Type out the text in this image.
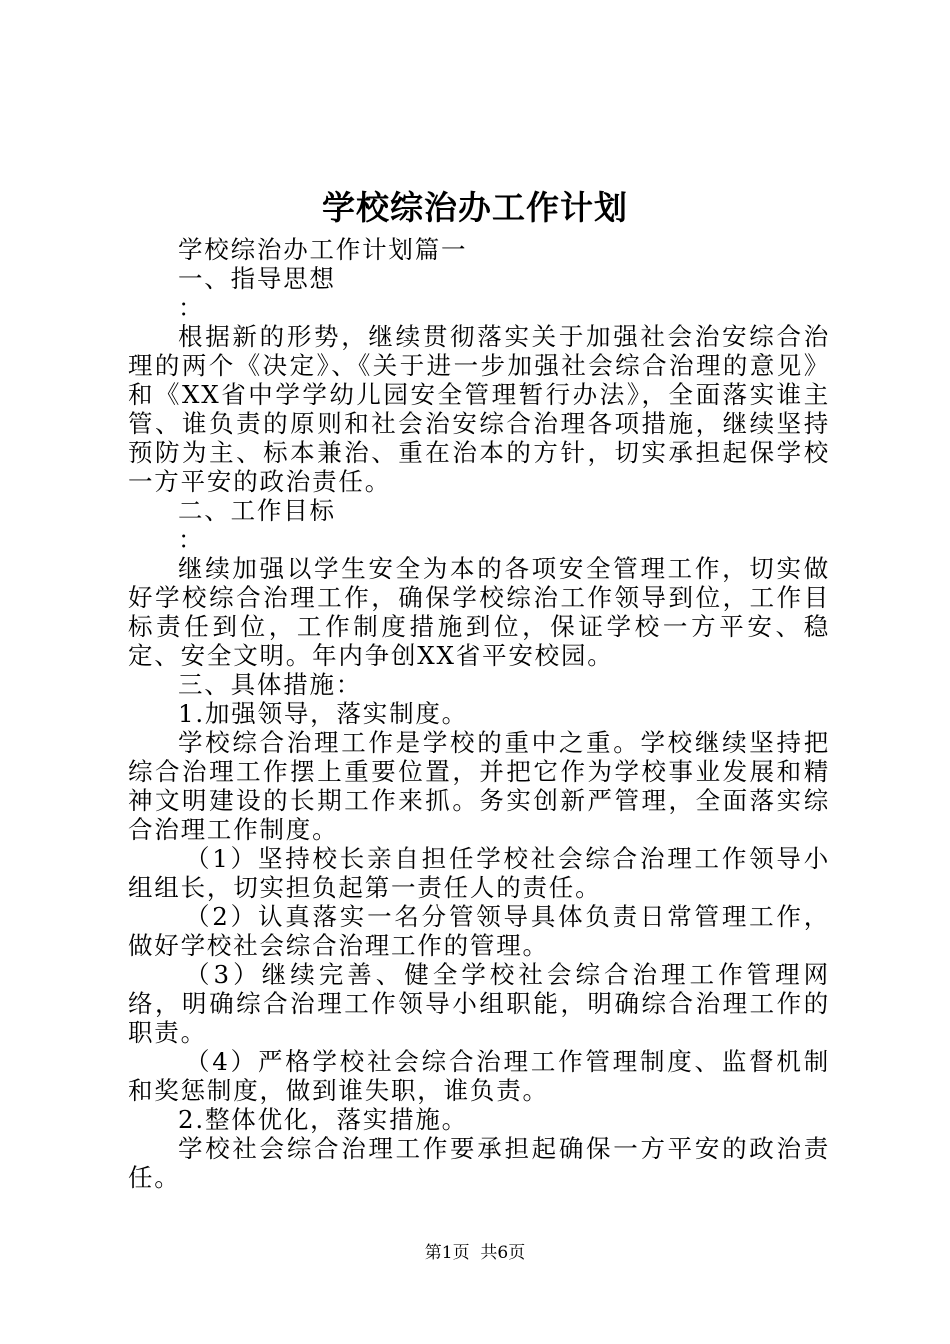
学校综治办工作计划

学校综治办工作计划篇一

一、指导思想

：

根据新的形势，继续贯彻落实关于加强社会治安综合治理的两个《决定》、《关于进一步加强社会综合治理的意见》和《XX省中学学幼儿园安全管理暂行办法》，全面落实谁主管、谁负责的原则和社会治安综合治理各项措施，继续坚持预防为主、标本兼治、重在治本的方针，切实承担起保学校一方平安的政治责任。

二、工作目标

：

继续加强以学生安全为本的各项安全管理工作，切实做好学校综合治理工作，确保学校综治工作领导到位，工作目标责任到位，工作制度措施到位，保证学校一方平安、稳定、安全文明。年内争创XX省平安校园。

三、具体措施：

1.加强领导，落实制度。

学校综合治理工作是学校的重中之重。学校继续坚持把综合治理工作摆上重要位置，并把它作为学校事业发展和精神文明建设的长期工作来抓。务实创新严管理，全面落实综合治理工作制度。

（1）坚持校长亲自担任学校社会综合治理工作领导小组组长，切实担负起第一责任人的责任。

（2）认真落实一名分管领导具体负责日常管理工作，做好学校社会综合治理工作的管理。

（3）继续完善、健全学校社会综合治理工作管理网络，明确综合治理工作领导小组职能，明确综合治理工作的职责。

（4）严格学校社会综合治理工作管理制度、监督机制和奖惩制度，做到谁失职，谁负责。

2.整体优化，落实措施。

学校社会综合治理工作要承担起确保一方平安的政治责任。

第1页 共6页
